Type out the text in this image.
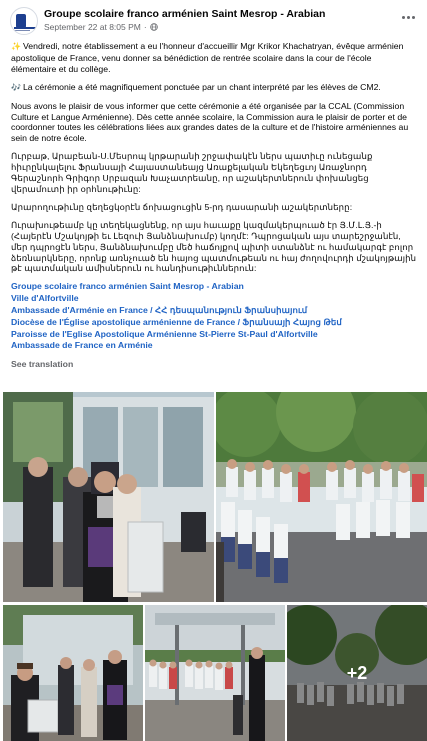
Groupe scolaire franco arménien Saint Mesrop - Arabian
September 22 at 8:05 PM ·

✨ Vendredi, notre établissement a eu l'honneur d'accueillir Mgr Krikor Khachatryan, évêque arménien apostolique de France, venu donner sa bénédiction de rentrée scolaire dans la cour de l'école élémentaire et du collège.

🎶 La cérémonie a été magnifiquement ponctuée par un chant interprété par les élèves de CM2.

Nous avons le plaisir de vous informer que cette cérémonie a été organisée par la CCAL (Commission Culture et Langue Arménienne). Dès cette année scolaire, la Commission aura le plaisir de porter et de coordonner toutes les célébrations liées aux grandes dates de la culture et de l'histoire arméniennes au sein de notre école.

Ուրբաթ, Արաբեան-Ս.Մեսրոպ կրթարանի շրջափակէն ներս պատիւը ունեցանք հիւրընկալելու Ֆրանսայի Հայաստանեայց Առաքելական Եկեղեցւոյ Առաջնորդ Գերաշնորհ Գրիգոր Սրբազան Խաչատրեանը, որ աշակերտներուն փոխանցեց վերամուտի իր օրհնութիւնը:

Արարողութիւնը զեղեցկօրէն ճոխացուցին 5-րդ դասարանի աշակերտները:

Ուրախութեամբ կը տեղեկացնենք, որ այս հաւաքը կազմակերպուած էր Յ.Մ.Լ.Յ.-ի (Հայերէն Մշակոյթի եւ Լեզուի Յանձնախումբ) կողմէ: Դպրոցական այս տարեշրջանէն, մեր դպրոցէն ներս, Յանձնախումբը մեծ հաճոյքով պիտի ստանձնէ ու համակարգէ բոլոր ձեռնարկները, որոնք առնչուած են հայոց պատմութեան ու հայ ժողովուրդի մշակոյթային թէ պատմական ամիսներուն ու հանդիսութիւններուն:

Groupe scolaire franco arménien Saint Mesrop - Arabian
Ville d'Alfortville
Ambassade d'Arménie en France / ՀՀ դեսպանություն Ֆրանսիայում
Diocèse de l'Église apostolique arménienne de France / Ֆրանսայի Հայոց Թեմ
Paroisse de l'Eglise Apostolique Arménienne St-Pierre St-Paul d'Alfortville
Ambassade de France en Arménie
See translation
+2
